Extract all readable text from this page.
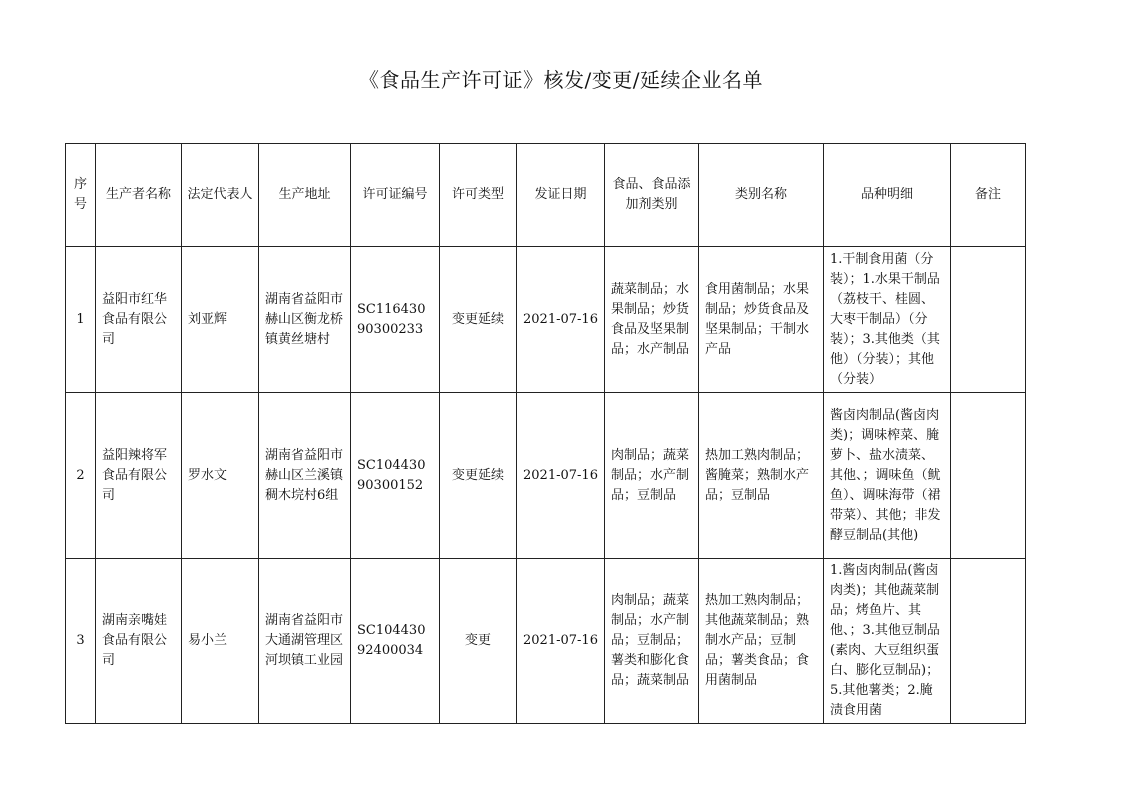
《食品生产许可证》核发/变更/延续企业名单
序号	生产者名称	法定代表人	生产地址	许可证编号	许可类型	发证日期	食品、食品添加剂类别	类别名称	品种明细	备注
1	益阳市红华食品有限公司	刘亚辉	湖南省益阳市赫山区衡龙桥镇黄丝塘村	SC11643090300233	变更延续	2021-07-16	蔬菜制品；水果制品；炒货食品及坚果制品；水产制品	食用菌制品；水果制品；炒货食品及坚果制品；干制水产品	1.干制食用菌（分装）；1.水果干制品（荔枝干、桂圆、大枣干制品）（分装）；3.其他类（其他）（分装）；其他（分装）	
2	益阳辣将军食品有限公司	罗水文	湖南省益阳市赫山区兰溪镇稠木垸村6组	SC10443090300152	变更延续	2021-07-16	肉制品；蔬菜制品；水产制品；豆制品	热加工熟肉制品；酱腌菜；熟制水产品；豆制品	酱卤肉制品(酱卤肉类)；调味榨菜、腌萝卜、盐水渍菜、其他、；调味鱼（鱿鱼）、调味海带（裙带菜）、其他；非发酵豆制品(其他)	
3	湖南亲嘴娃食品有限公司	易小兰	湖南省益阳市大通湖管理区河坝镇工业园	SC10443092400034	变更	2021-07-16	肉制品；蔬菜制品；水产制品；豆制品；薯类和膨化食品；蔬菜制品	热加工熟肉制品；其他蔬菜制品；熟制水产品；豆制品；薯类食品；食用菌制品	1.酱卤肉制品(酱卤肉类)；其他蔬菜制品；烤鱼片、其他、；3.其他豆制品(素肉、大豆组织蛋白、膨化豆制品)；5.其他薯类；2.腌渍食用菌	
